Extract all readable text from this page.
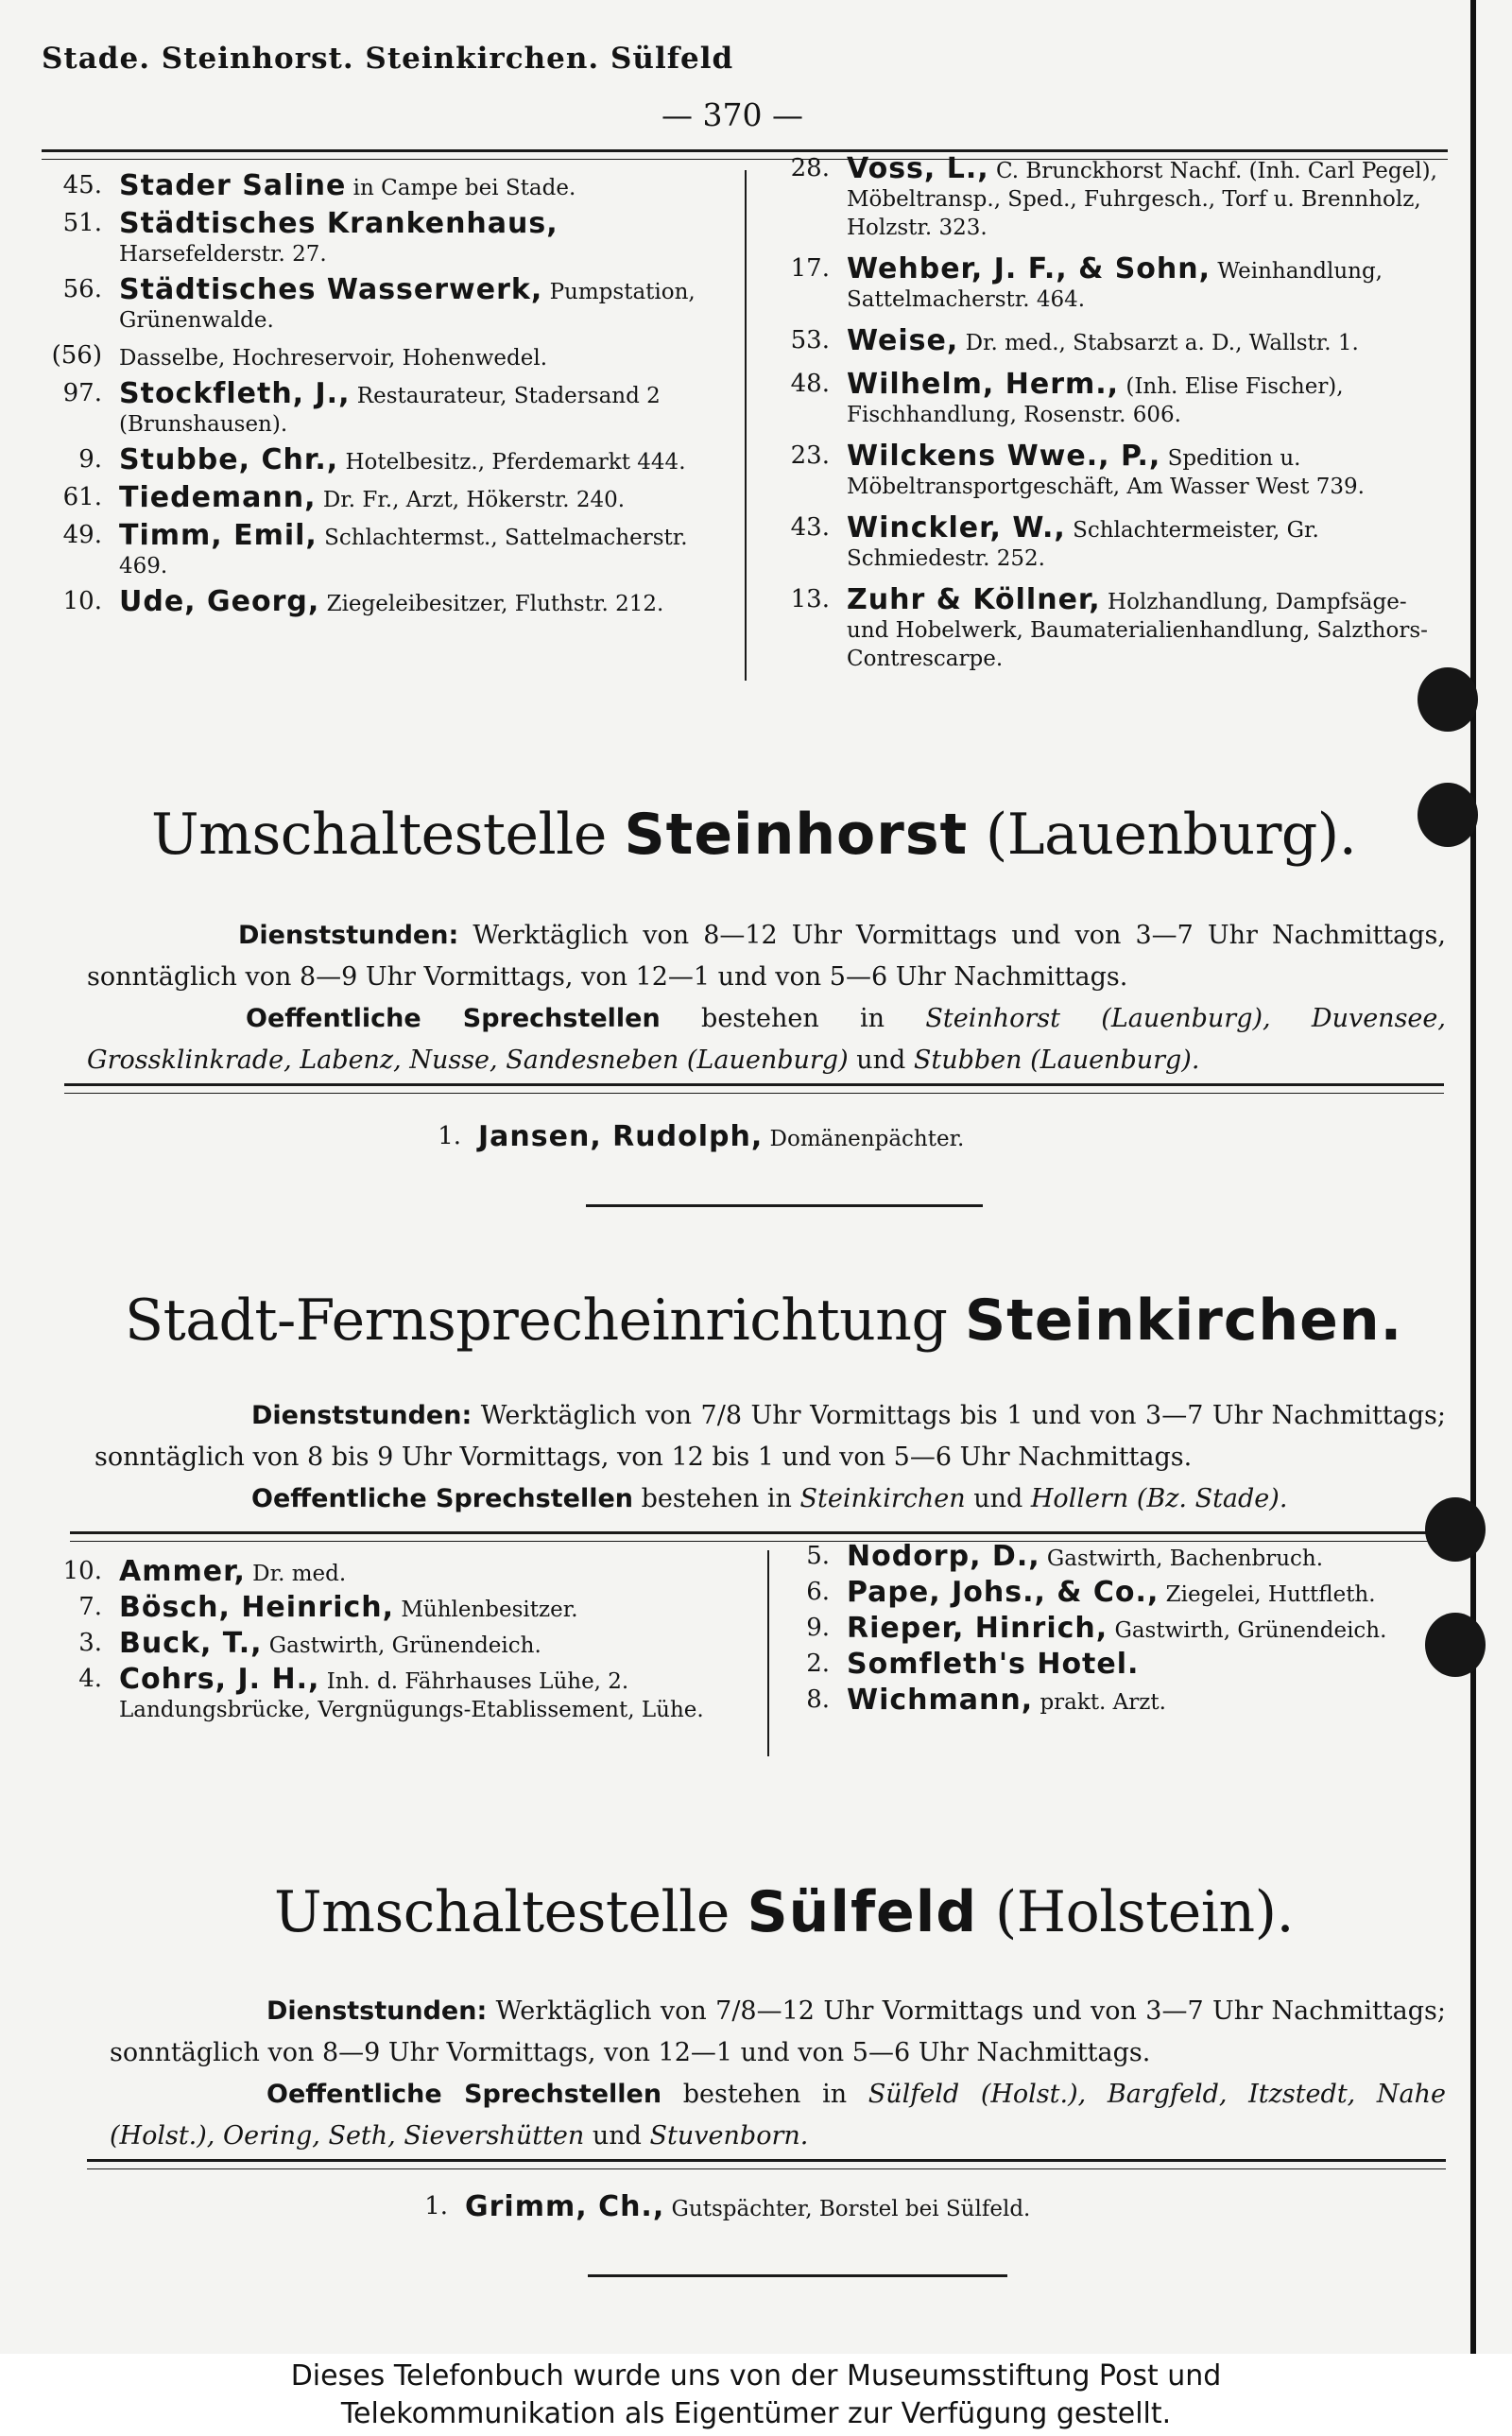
Stade. Steinhorst. Steinkirchen. Sülfeld
— 370 —
45. Stader Saline in Campe bei Stade.
51. Städtisches Krankenhaus, Harsefelderstr. 27.
56. Städtisches Wasserwerk, Pumpstation, Grünenwalde.
(56) Dasselbe, Hochreservoir, Hohenwedel.
97. Stockfleth, J., Restaurateur, Stadersand 2 (Brunshausen).
9. Stubbe, Chr., Hotelbesitz., Pferdemarkt 444.
61. Tiedemann, Dr. Fr., Arzt, Hökerstr. 240.
49. Timm, Emil, Schlachtermst., Sattelmacherstr. 469.
10. Ude, Georg, Ziegeleibesitzer, Fluthstr. 212.
28. Voss, L., C. Brunckhorst Nachf. (Inh. Carl Pegel), Möbeltransp., Sped., Fuhrgesch., Torf u. Brennholz, Holzstr. 323.
17. Wehber, J. F., & Sohn, Weinhandlung, Sattelmacherstr. 464.
53. Weise, Dr. med., Stabsarzt a. D., Wallstr. 1.
48. Wilhelm, Herm., (Inh. Elise Fischer), Fischhandlung, Rosenstr. 606.
23. Wilckens Wwe., P., Spedition u. Möbeltransportgeschäft, Am Wasser West 739.
43. Winckler, W., Schlachtermeister, Gr. Schmiedestr. 252.
13. Zuhr & Köllner, Holzhandlung, Dampfsäge- und Hobelwerk, Baumaterialienhandlung, Salzthors-Contrescarpe.
Umschaltestelle Steinhorst (Lauenburg).
Dienststunden: Werktäglich von 8—12 Uhr Vormittags und von 3—7 Uhr Nachmittags, sonntäglich von 8—9 Uhr Vormittags, von 12—1 und von 5—6 Uhr Nachmittags.
Oeffentliche Sprechstellen bestehen in Steinhorst (Lauenburg), Duvensee, Grossklinkrade, Labenz, Nusse, Sandesneben (Lauenburg) und Stubben (Lauenburg).
1. Jansen, Rudolph, Domänenpächter.
Stadt-Fernsprecheinrichtung Steinkirchen.
Dienststunden: Werktäglich von 7/8 Uhr Vormittags bis 1 und von 3—7 Uhr Nachmittags; sonntäglich von 8 bis 9 Uhr Vormittags, von 12 bis 1 und von 5—6 Uhr Nachmittags.
Oeffentliche Sprechstellen bestehen in Steinkirchen und Hollern (Bz. Stade).
10. Ammer, Dr. med.
7. Bösch, Heinrich, Mühlenbesitzer.
3. Buck, T., Gastwirth, Grünendeich.
4. Cohrs, J. H., Inh. d. Fährhauses Lühe, 2. Landungsbrücke, Vergnügungs-Etablissement, Lühe.
5. Nodorp, D., Gastwirth, Bachenbruch.
6. Pape, Johs., & Co., Ziegelei, Huttfleth.
9. Rieper, Hinrich, Gastwirth, Grünendeich.
2. Somfleth's Hotel.
8. Wichmann, prakt. Arzt.
Umschaltestelle Sülfeld (Holstein).
Dienststunden: Werktäglich von 7/8—12 Uhr Vormittags und von 3—7 Uhr Nachmittags; sonntäglich von 8—9 Uhr Vormittags, von 12—1 und von 5—6 Uhr Nachmittags.
Oeffentliche Sprechstellen bestehen in Sülfeld (Holst.), Bargfeld, Itzstedt, Nahe (Holst.), Oering, Seth, Sievershütten und Stuvenborn.
1. Grimm, Ch., Gutspächter, Borstel bei Sülfeld.
Dieses Telefonbuch wurde uns von der Museumsstiftung Post und
Telekommunikation als Eigentümer zur Verfügung gestellt.
